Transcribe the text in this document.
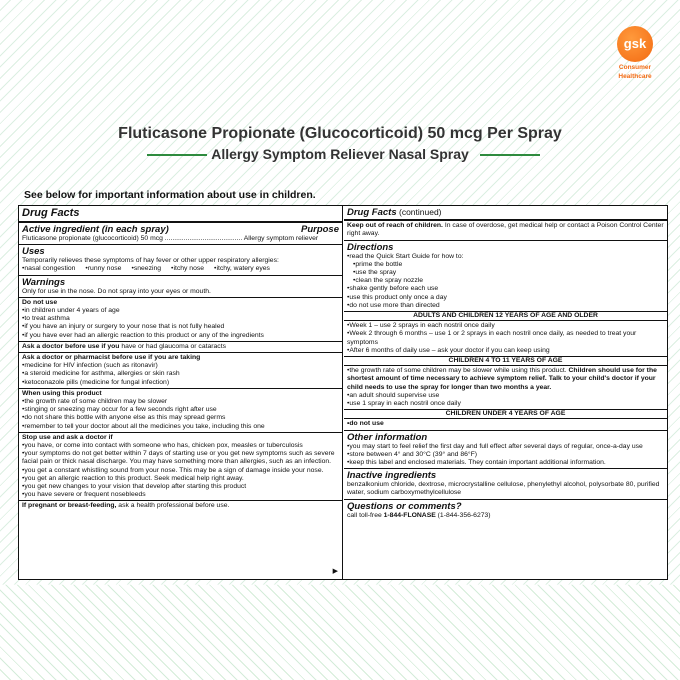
gsk
Consumer
Healthcare
Fluticasone Propionate (Glucocorticoid) 50 mcg Per Spray
Allergy Symptom Reliever Nasal Spray
See below for important information about use in children.
Drug Facts
Active ingredient (in each spray)	Purpose
Fluticasone propionate (glucocorticoid) 50 mcg ......................................... Allergy symptom reliever
Uses
Temporarily relieves these symptoms of hay fever or other upper respiratory allergies:
• nasal congestion • runny nose • sneezing • itchy nose • itchy, watery eyes
Warnings
Only for use in the nose. Do not spray into your eyes or mouth.
Do not use
• in children under 4 years of age
• to treat asthma
• if you have an injury or surgery to your nose that is not fully healed
• if you have ever had an allergic reaction to this product or any of the ingredients
Ask a doctor before use if you have or had glaucoma or cataracts
Ask a doctor or pharmacist before use if you are taking
• medicine for HIV infection (such as ritonavir)
• a steroid medicine for asthma, allergies or skin rash
• ketoconazole pills (medicine for fungal infection)
When using this product
• the growth rate of some children may be slower
• stinging or sneezing may occur for a few seconds right after use
• do not share this bottle with anyone else as this may spread germs
• remember to tell your doctor about all the medicines you take, including this one
Stop use and ask a doctor if
• you have, or come into contact with someone who has, chicken pox, measles or tuberculosis
• your symptoms do not get better within 7 days of starting use or you get new symptoms such as severe facial pain or thick nasal discharge. You may have something more than allergies, such as an infection.
• you get a constant whistling sound from your nose. This may be a sign of damage inside your nose.
• you get an allergic reaction to this product. Seek medical help right away.
• you get new changes to your vision that develop after starting this product
• you have severe or frequent nosebleeds
If pregnant or breast-feeding, ask a health professional before use.
▶
Drug Facts (continued)
Keep out of reach of children. In case of overdose, get medical help or contact a Poison Control Center right away.
Directions
• read the Quick Start Guide for how to:
• prime the bottle
• use the spray
• clean the spray nozzle
• shake gently before each use
• use this product only once a day
• do not use more than directed
ADULTS AND CHILDREN 12 YEARS OF AGE AND OLDER
• Week 1 – use 2 sprays in each nostril once daily
• Week 2 through 6 months – use 1 or 2 sprays in each nostril once daily, as needed to treat your symptoms
• After 6 months of daily use – ask your doctor if you can keep using
CHILDREN 4 TO 11 YEARS OF AGE
• the growth rate of some children may be slower while using this product. Children should use for the shortest amount of time necessary to achieve symptom relief. Talk to your child's doctor if your child needs to use the spray for longer than two months a year.
• an adult should supervise use
• use 1 spray in each nostril once daily
CHILDREN UNDER 4 YEARS OF AGE
• do not use
Other information
• you may start to feel relief the first day and full effect after several days of regular, once-a-day use
• store between 4° and 30°C (39° and 86°F)
• keep this label and enclosed materials. They contain important additional information.
Inactive ingredients
benzalkonium chloride, dextrose, microcrystalline cellulose, phenylethyl alcohol, polysorbate 80, purified water, sodium carboxymethylcellulose
Questions or comments?
call toll-free 1-844-FLONASE (1-844-356-6273)
